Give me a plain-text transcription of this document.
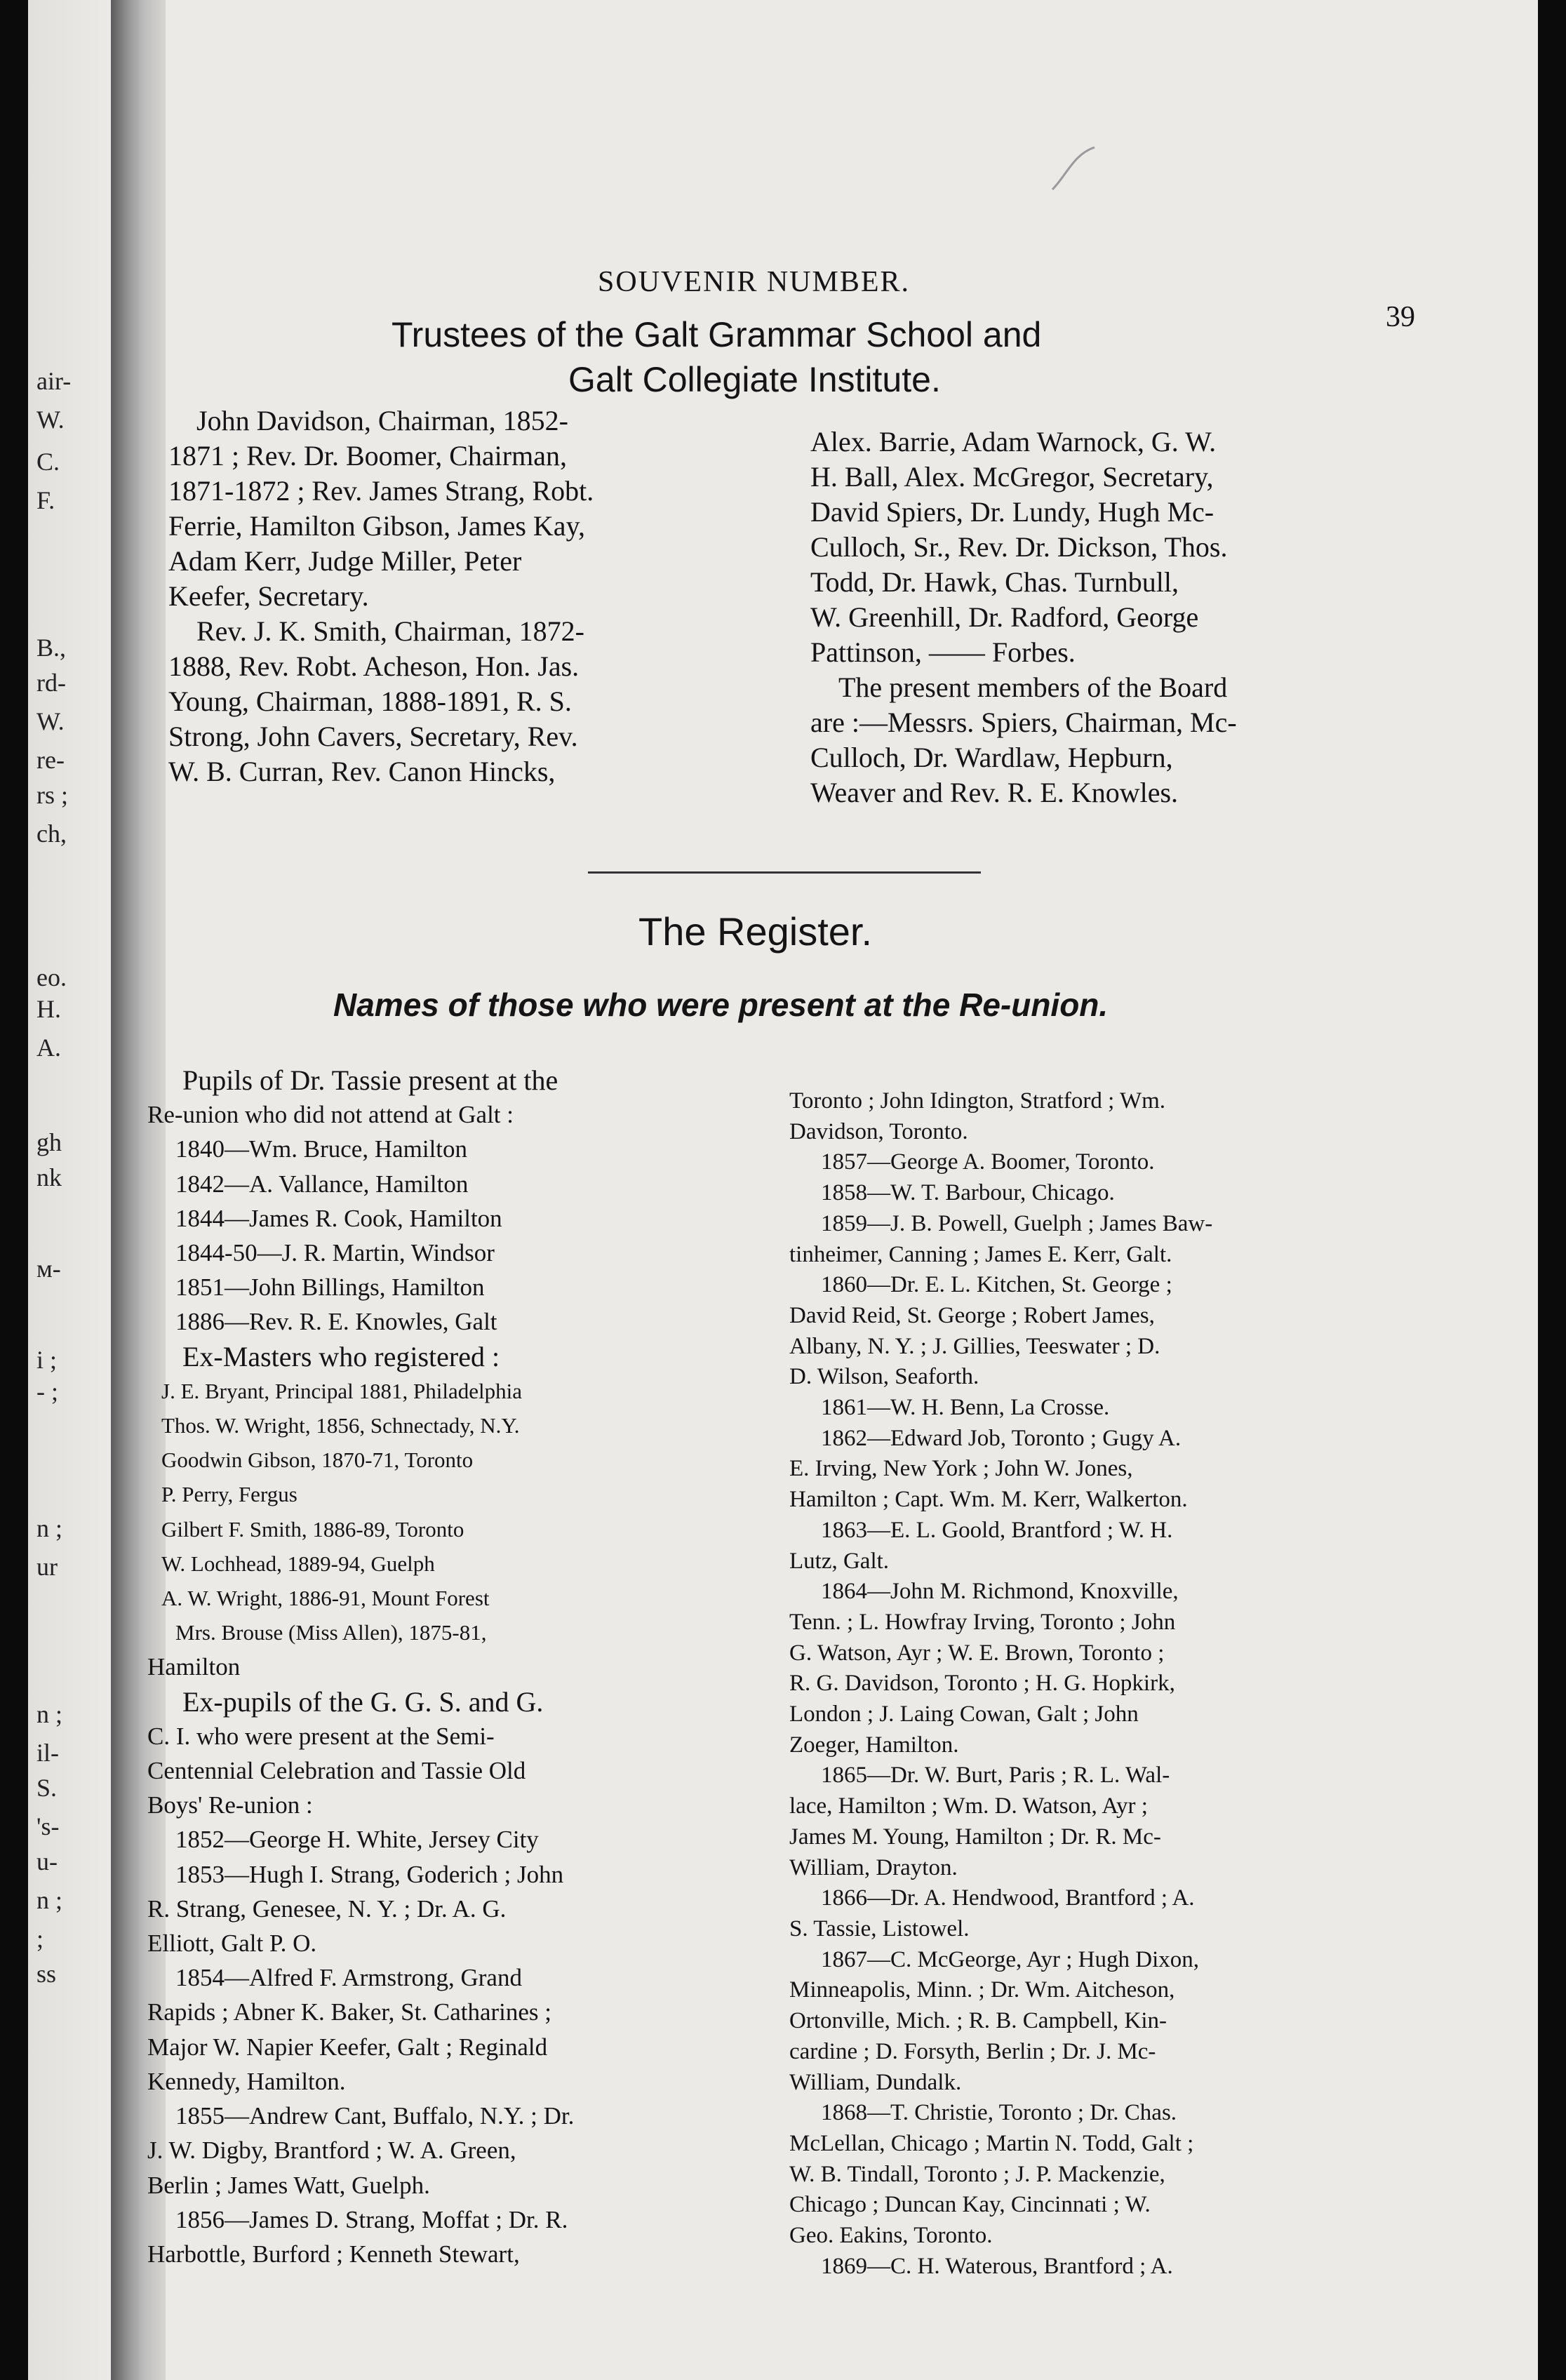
air-
W.
C.
F.
B.,
rd-
W.
re-
rs ;
ch,
eo.
H.
A.
gh
nk
м-
i ;
- ;
n ;
ur
n ;
il-
S.
's-
u-
n ;
;
ss
SOUVENIR NUMBER.
39
Trustees of the Galt Grammar School and
Galt Collegiate Institute.

John Davidson, Chairman, 1852-

1871 ; Rev. Dr. Boomer, Chairman,

1871-1872 ; Rev. James Strang, Robt.

Ferrie, Hamilton Gibson, James Kay,

Adam Kerr, Judge Miller, Peter

Keefer, Secretary.

Rev. J. K. Smith, Chairman, 1872-

1888, Rev. Robt. Acheson, Hon. Jas.

Young, Chairman, 1888-1891, R. S.

Strong, John Cavers, Secretary, Rev.

W. B. Curran, Rev. Canon Hincks,

Alex. Barrie, Adam Warnock, G. W.

H. Ball, Alex. McGregor, Secretary,

David Spiers, Dr. Lundy, Hugh Mc-

Culloch, Sr., Rev. Dr. Dickson, Thos.

Todd, Dr. Hawk, Chas. Turnbull,

W. Greenhill, Dr. Radford, George

Pattinson, —— Forbes.

The present members of the Board

are :—Messrs. Spiers, Chairman, Mc-

Culloch, Dr. Wardlaw, Hepburn,

Weaver and Rev. R. E. Knowles.

The Register.
Names of those who were present at the Re-union.

Pupils of Dr. Tassie present at the

Re-union who did not attend at Galt :

1840—Wm. Bruce, Hamilton

1842—A. Vallance, Hamilton

1844—James R. Cook, Hamilton

1844-50—J. R. Martin, Windsor

1851—John Billings, Hamilton

1886—Rev. R. E. Knowles, Galt

Ex-Masters who registered :

J. E. Bryant, Principal 1881, Philadelphia

Thos. W. Wright, 1856, Schnectady, N.Y.

Goodwin Gibson, 1870-71, Toronto

P. Perry, Fergus

Gilbert F. Smith, 1886-89, Toronto

W. Lochhead, 1889-94, Guelph

A. W. Wright, 1886-91, Mount Forest

Mrs. Brouse (Miss Allen), 1875-81,

Hamilton

Ex-pupils of the G. G. S. and G.

C. I. who were present at the Semi-

Centennial Celebration and Tassie Old

Boys' Re-union :

1852—George H. White, Jersey City

1853—Hugh I. Strang, Goderich ; John

R. Strang, Genesee, N. Y. ; Dr. A. G.

Elliott, Galt P. O.

1854—Alfred F. Armstrong, Grand

Rapids ; Abner K. Baker, St. Catharines ;

Major W. Napier Keefer, Galt ; Reginald

Kennedy, Hamilton.

1855—Andrew Cant, Buffalo, N.Y. ; Dr.

J. W. Digby, Brantford ; W. A. Green,

Berlin ; James Watt, Guelph.

1856—James D. Strang, Moffat ; Dr. R.

Harbottle, Burford ; Kenneth Stewart,

Toronto ; John Idington, Stratford ; Wm.

Davidson, Toronto.

1857—George A. Boomer, Toronto.

1858—W. T. Barbour, Chicago.

1859—J. B. Powell, Guelph ; James Baw-

tinheimer, Canning ; James E. Kerr, Galt.

1860—Dr. E. L. Kitchen, St. George ;

David Reid, St. George ; Robert James,

Albany, N. Y. ; J. Gillies, Teeswater ; D.

D. Wilson, Seaforth.

1861—W. H. Benn, La Crosse.

1862—Edward Job, Toronto ; Gugy A.

E. Irving, New York ; John W. Jones,

Hamilton ; Capt. Wm. M. Kerr, Walkerton.

1863—E. L. Goold, Brantford ; W. H.

Lutz, Galt.

1864—John M. Richmond, Knoxville,

Tenn. ; L. Howfray Irving, Toronto ; John

G. Watson, Ayr ; W. E. Brown, Toronto ;

R. G. Davidson, Toronto ; H. G. Hopkirk,

London ; J. Laing Cowan, Galt ; John

Zoeger, Hamilton.

1865—Dr. W. Burt, Paris ; R. L. Wal-

lace, Hamilton ; Wm. D. Watson, Ayr ;

James M. Young, Hamilton ; Dr. R. Mc-

William, Drayton.

1866—Dr. A. Hendwood, Brantford ; A.

S. Tassie, Listowel.

1867—C. McGeorge, Ayr ; Hugh Dixon,

Minneapolis, Minn. ; Dr. Wm. Aitcheson,

Ortonville, Mich. ; R. B. Campbell, Kin-

cardine ; D. Forsyth, Berlin ; Dr. J. Mc-

William, Dundalk.

1868—T. Christie, Toronto ; Dr. Chas.

McLellan, Chicago ; Martin N. Todd, Galt ;

W. B. Tindall, Toronto ; J. P. Mackenzie,

Chicago ; Duncan Kay, Cincinnati ; W.

Geo. Eakins, Toronto.

1869—C. H. Waterous, Brantford ; A.
